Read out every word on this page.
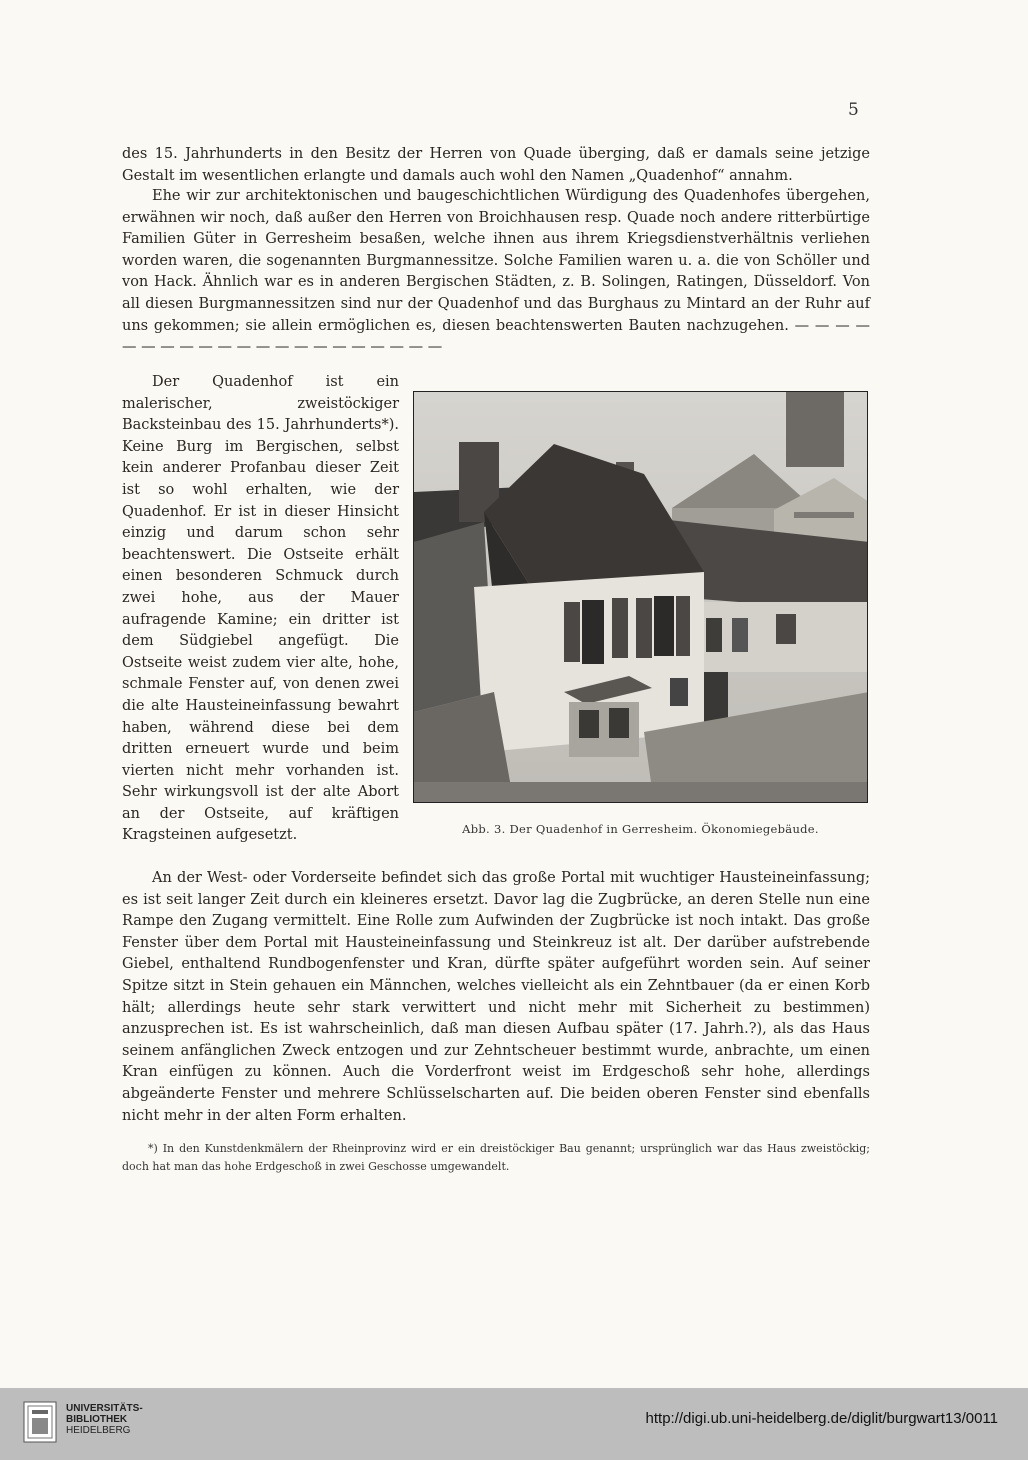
5

des 15. Jahrhunderts in den Besitz der Herren von Quade überging, daß er damals seine jetzige Gestalt im wesentlichen erlangte und damals auch wohl den Namen „Quadenhof“ annahm.

Ehe wir zur architektonischen und baugeschichtlichen Würdigung des Quadenhofes übergehen, erwähnen wir noch, daß außer den Herren von Broichhausen resp. Quade noch andere ritterbürtige Familien Güter in Gerresheim besaßen, welche ihnen aus ihrem Kriegsdienstverhältnis verliehen worden waren, die sogenannten Burgmannessitze. Solche Familien waren u. a. die von Schöller und von Hack. Ähnlich war es in anderen Bergischen Städten, z. B. Solingen, Ratingen, Düsseldorf. Von all diesen Burgmannessitzen sind nur der Quadenhof und das Burghaus zu Mintard an der Ruhr auf uns gekommen; sie allein ermöglichen es, diesen beachtenswerten Bauten nachzugehen. — — — — — — — — — — — — — — — — — — — — —

Der Quadenhof ist ein malerischer, zweistöckiger Backsteinbau des 15. Jahrhunderts*). Keine Burg im Bergischen, selbst kein anderer Profanbau dieser Zeit ist so wohl erhalten, wie der Quadenhof. Er ist in dieser Hinsicht einzig und darum schon sehr beachtenswert. Die Ostseite erhält einen besonderen Schmuck durch zwei hohe, aus der Mauer aufragende Kamine; ein dritter ist dem Südgiebel angefügt. Die Ostseite weist zudem vier alte, hohe, schmale Fenster auf, von denen zwei die alte Hausteineinfassung bewahrt haben, während diese bei dem dritten erneuert wurde und beim vierten nicht mehr vorhanden ist. Sehr wirkungsvoll ist der alte Abort an der Ostseite, auf kräftigen Kragsteinen aufgesetzt.	Abb. 3. Der Quadenhof in Gerresheim. Ökonomiegebäude.

An der West- oder Vorderseite befindet sich das große Portal mit wuchtiger Hausteineinfassung; es ist seit langer Zeit durch ein kleineres ersetzt. Davor lag die Zugbrücke, an deren Stelle nun eine Rampe den Zugang vermittelt. Eine Rolle zum Aufwinden der Zugbrücke ist noch intakt. Das große Fenster über dem Portal mit Hausteineinfassung und Steinkreuz ist alt. Der darüber aufstrebende Giebel, enthaltend Rundbogenfenster und Kran, dürfte später aufgeführt worden sein. Auf seiner Spitze sitzt in Stein gehauen ein Männchen, welches vielleicht als ein Zehntbauer (da er einen Korb hält; allerdings heute sehr stark verwittert und nicht mehr mit Sicherheit zu bestimmen) anzusprechen ist. Es ist wahrscheinlich, daß man diesen Aufbau später (17. Jahrh.?), als das Haus seinem anfänglichen Zweck entzogen und zur Zehntscheuer bestimmt wurde, anbrachte, um einen Kran einfügen zu können. Auch die Vorderfront weist im Erdgeschoß sehr hohe, allerdings abgeänderte Fenster und mehrere Schlüsselscharten auf. Die beiden oberen Fenster sind ebenfalls nicht mehr in der alten Form erhalten.

*) In den Kunstdenkmälern der Rheinprovinz wird er ein dreistöckiger Bau genannt; ursprünglich war das Haus zweistöckig; doch hat man das hohe Erdgeschoß in zwei Geschosse umgewandelt.

UNIVERSITÄTS-
BIBLIOTHEK
HEIDELBERG
http://digi.ub.uni-heidelberg.de/diglit/burgwart13/0011
